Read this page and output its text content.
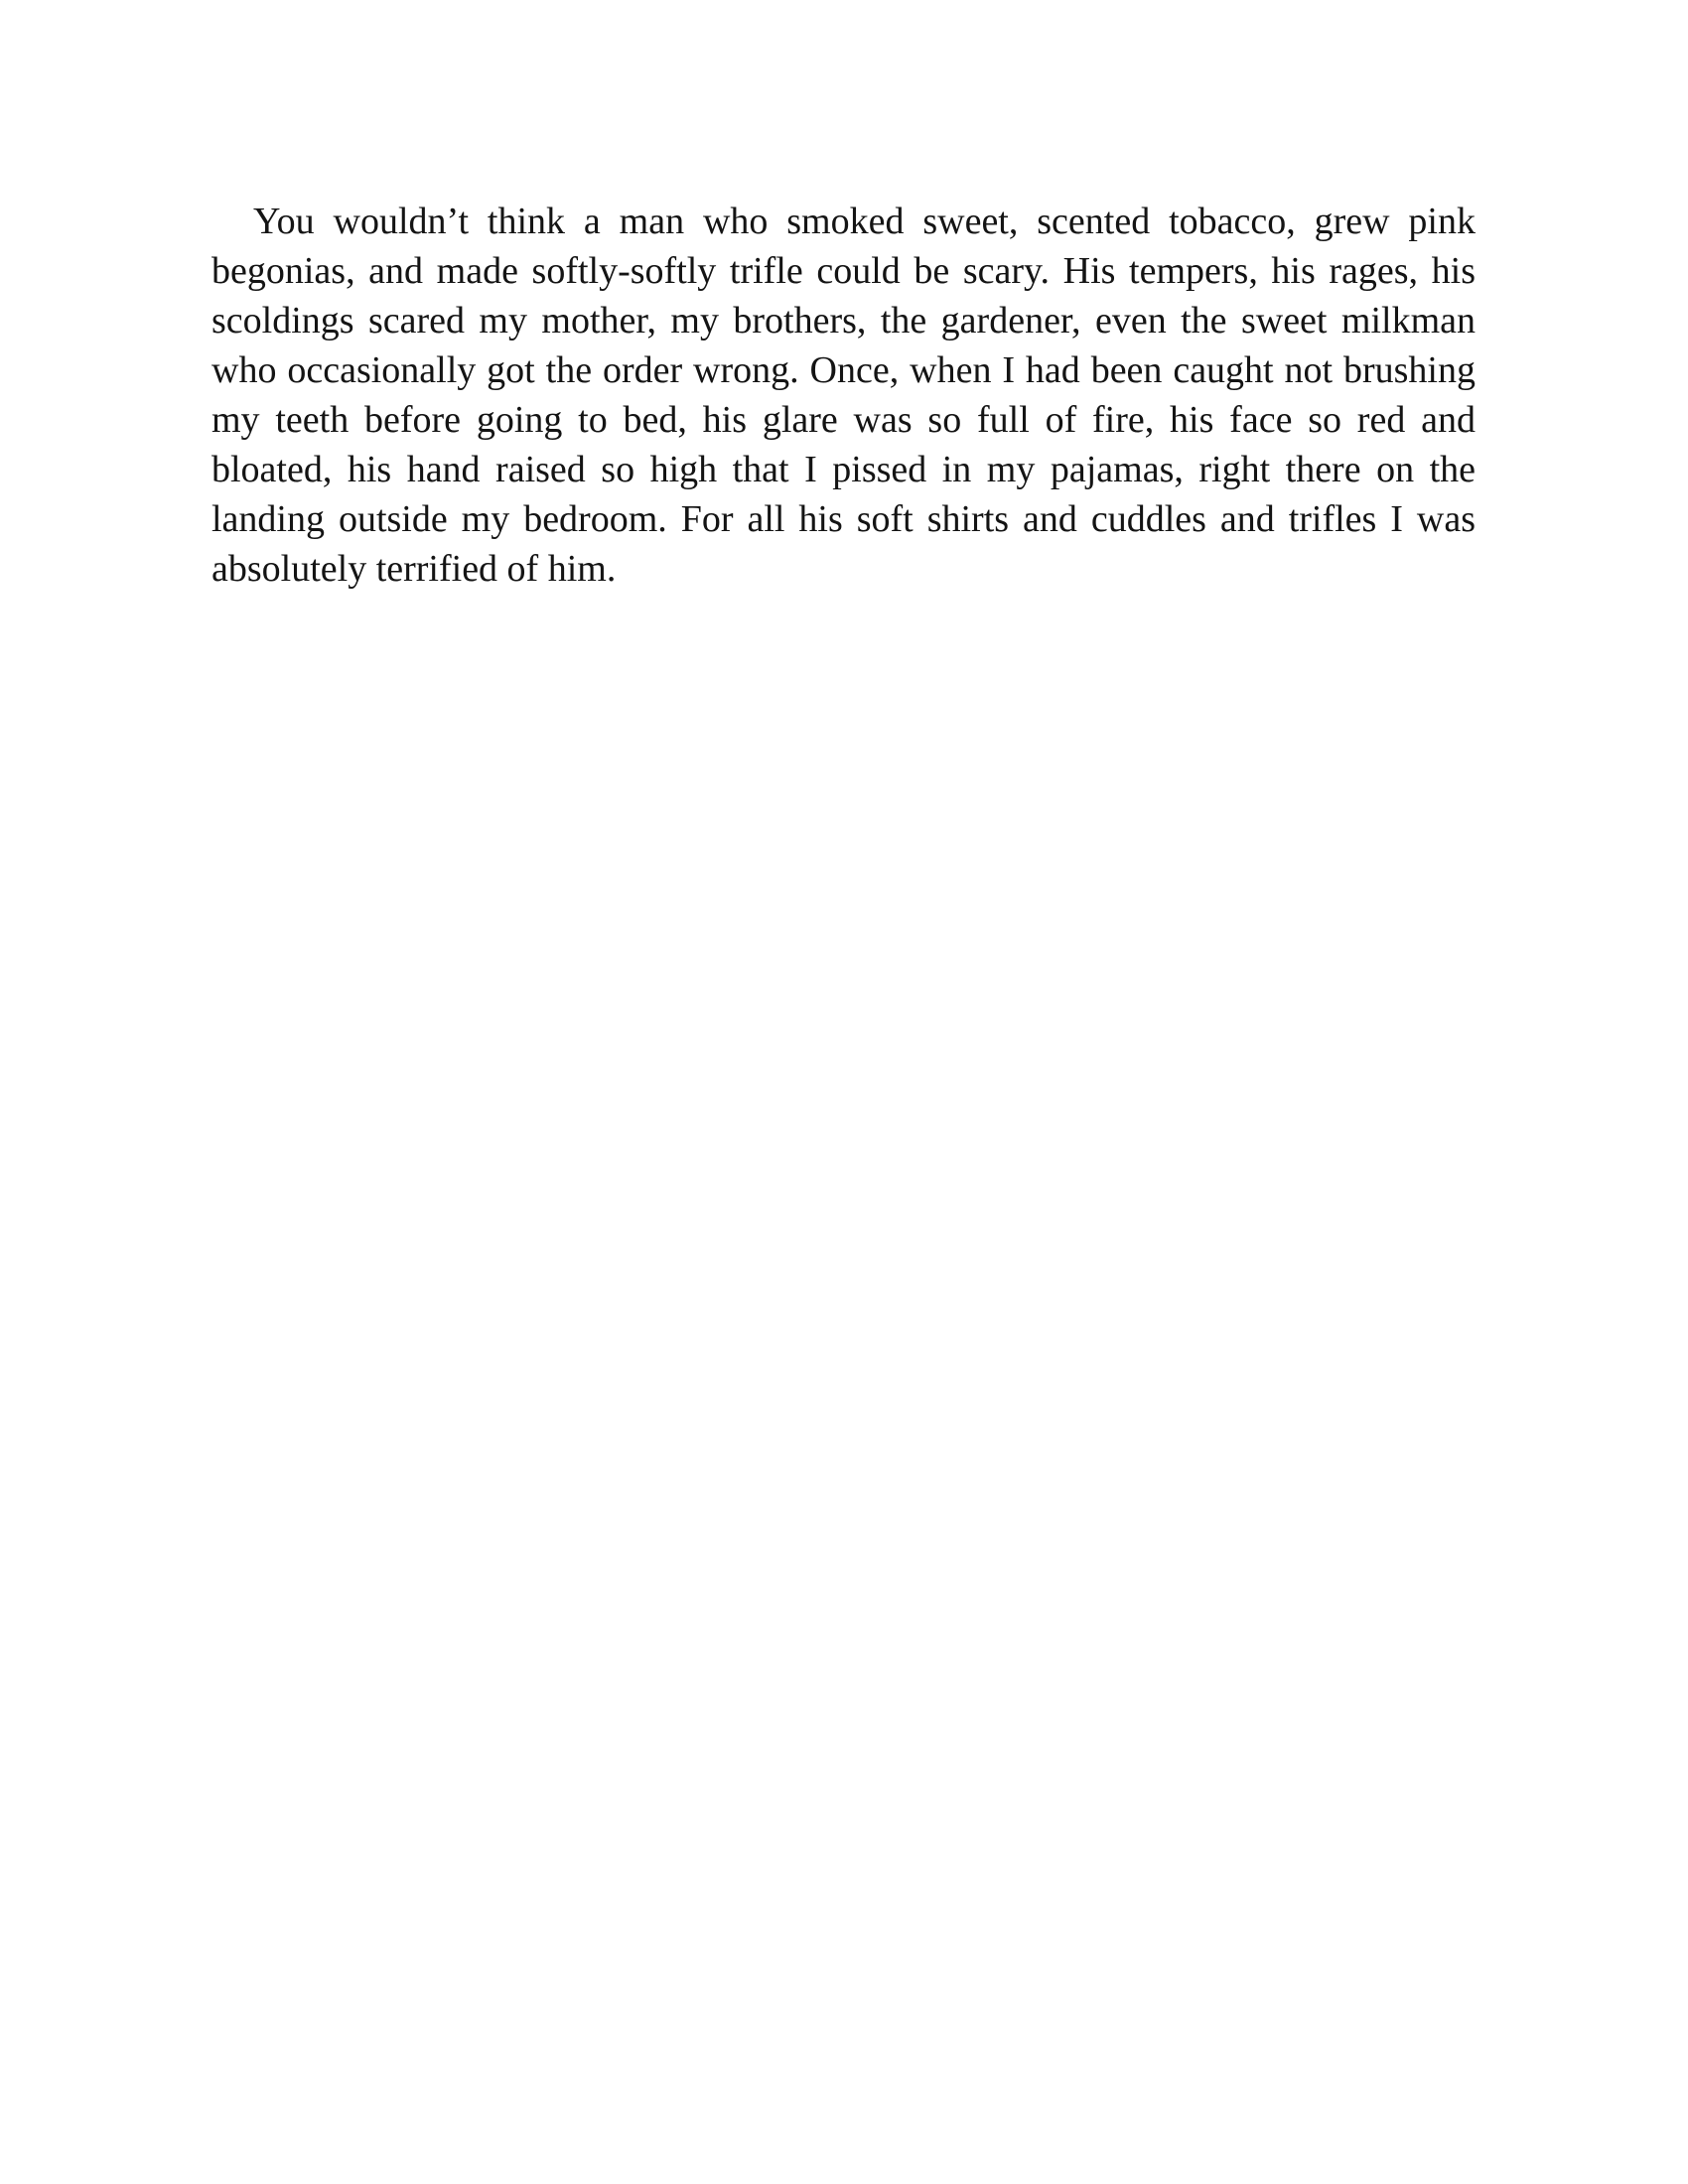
You wouldn’t think a man who smoked sweet, scented tobacco, grew pink begonias, and made softly-softly trifle could be scary. His tempers, his rages, his scoldings scared my mother, my brothers, the gardener, even the sweet milkman who occasionally got the order wrong. Once, when I had been caught not brushing my teeth before going to bed, his glare was so full of fire, his face so red and bloated, his hand raised so high that I pissed in my pajamas, right there on the landing outside my bedroom. For all his soft shirts and cuddles and trifles I was absolutely terrified of him.
